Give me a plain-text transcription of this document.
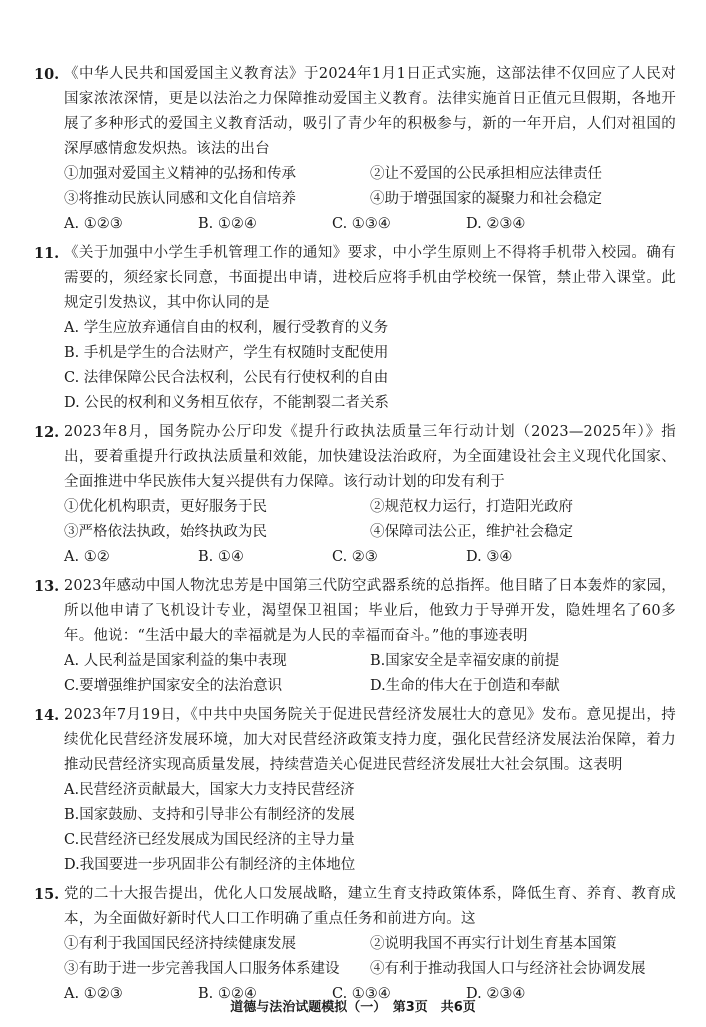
10. 《中华人民共和国爱国主义教育法》于2024年1月1日正式实施，这部法律不仅回应了人民对国家浓浓深情，更是以法治之力保障推动爱国主义教育。法律实施首日正值元旦假期，各地开展了多种形式的爱国主义教育活动，吸引了青少年的积极参与，新的一年开启，人们对祖国的深厚感情愈发炽热。该法的出台
①加强对爱国主义精神的弘扬和传承	②让不爱国的公民承担相应法律责任
③将推动民族认同感和文化自信培养	④助于增强国家的凝聚力和社会稳定
A. ①②③	B. ①②④	C. ①③④	D. ②③④
11. 《关于加强中小学生手机管理工作的通知》要求，中小学生原则上不得将手机带入校园。确有需要的，须经家长同意，书面提出申请，进校后应将手机由学校统一保管，禁止带入课堂。此规定引发热议，其中你认同的是
A. 学生应放弃通信自由的权利，履行受教育的义务
B. 手机是学生的合法财产，学生有权随时支配使用
C. 法律保障公民合法权利，公民有行使权利的自由
D. 公民的权利和义务相互依存，不能割裂二者关系
12. 2023年8月，国务院办公厅印发《提升行政执法质量三年行动计划（2023—2025年）》指出，要着重提升行政执法质量和效能，加快建设法治政府，为全面建设社会主义现代化国家、全面推进中华民族伟大复兴提供有力保障。该行动计划的印发有利于
①优化机构职责，更好服务于民	②规范权力运行，打造阳光政府
③严格依法执政，始终执政为民	④保障司法公正，维护社会稳定
A. ①②	B. ①④	C. ②③	D. ③④
13. 2023年感动中国人物沈忠芳是中国第三代防空武器系统的总指挥。他目睹了日本轰炸的家园，所以他申请了飞机设计专业，渴望保卫祖国；毕业后，他致力于导弹开发，隐姓埋名了60多年。他说：“生活中最大的幸福就是为人民的幸福而奋斗。”他的事迹表明
A. 人民利益是国家利益的集中表现	B.国家安全是幸福安康的前提
C.要增强维护国家安全的法治意识	D.生命的伟大在于创造和奉献
14. 2023年7月19日，《中共中央国务院关于促进民营经济发展壮大的意见》发布。意见提出，持续优化民营经济发展环境，加大对民营经济政策支持力度，强化民营经济发展法治保障，着力推动民营经济实现高质量发展，持续营造关心促进民营经济发展壮大社会氛围。这表明
A.民营经济贡献最大，国家大力支持民营经济
B.国家鼓励、支持和引导非公有制经济的发展
C.民营经济已经发展成为国民经济的主导力量
D.我国要进一步巩固非公有制经济的主体地位
15. 党的二十大报告提出，优化人口发展战略，建立生育支持政策体系，降低生育、养育、教育成本，为全面做好新时代人口工作明确了重点任务和前进方向。这
①有利于我国国民经济持续健康发展	②说明我国不再实行计划生育基本国策
③有助于进一步完善我国人口服务体系建设	④有利于推动我国人口与经济社会协调发展
A. ①②③	B. ①②④	C. ①③④	D. ②③④
道德与法治试题模拟（一）　第3页　共6页
